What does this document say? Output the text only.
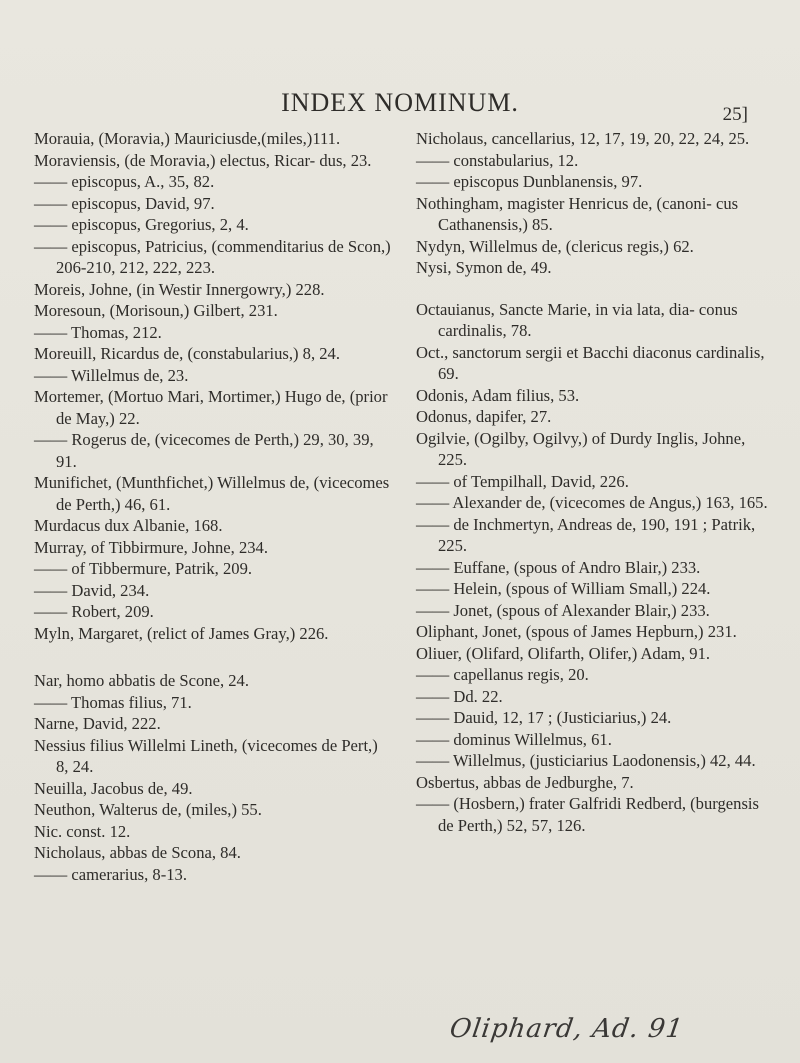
INDEX NOMINUM.	25]

Morauia, (Moravia,) Mauriciusde,(miles,)111.

Moraviensis, (de Moravia,) electus, Ricar- dus, 23.

—— episcopus, A., 35, 82.

—— episcopus, David, 97.

—— episcopus, Gregorius, 2, 4.

—— episcopus, Patricius, (commenditarius de Scon,) 206-210, 212, 222, 223.

Moreis, Johne, (in Westir Innergowry,) 228.

Moresoun, (Morisoun,) Gilbert, 231.

—— Thomas, 212.

Moreuill, Ricardus de, (constabularius,) 8, 24.

—— Willelmus de, 23.

Mortemer, (Mortuo Mari, Mortimer,) Hugo de, (prior de May,) 22.

—— Rogerus de, (vicecomes de Perth,) 29, 30, 39, 91.

Munifichet, (Munthfichet,) Willelmus de, (vicecomes de Perth,) 46, 61.

Murdacus dux Albanie, 168.

Murray, of Tibbirmure, Johne, 234.

—— of Tibbermure, Patrik, 209.

—— David, 234.

—— Robert, 209.

Myln, Margaret, (relict of James Gray,) 226.

Nar, homo abbatis de Scone, 24.

—— Thomas filius, 71.

Narne, David, 222.

Nessius filius Willelmi Lineth, (vicecomes de Pert,) 8, 24.

Neuilla, Jacobus de, 49.

Neuthon, Walterus de, (miles,) 55.

Nic. const. 12.

Nicholaus, abbas de Scona, 84.

—— camerarius, 8-13.

Nicholaus, cancellarius, 12, 17, 19, 20, 22, 24, 25.

—— constabularius, 12.

—— episcopus Dunblanensis, 97.

Nothingham, magister Henricus de, (canoni- cus Cathanensis,) 85.

Nydyn, Willelmus de, (clericus regis,) 62.

Nysi, Symon de, 49.

Octauianus, Sancte Marie, in via lata, dia- conus cardinalis, 78.

Oct., sanctorum sergii et Bacchi diaconus cardinalis, 69.

Odonis, Adam filius, 53.

Odonus, dapifer, 27.

Ogilvie, (Ogilby, Ogilvy,) of Durdy Inglis, Johne, 225.

—— of Tempilhall, David, 226.

—— Alexander de, (vicecomes de Angus,) 163, 165.

—— de Inchmertyn, Andreas de, 190, 191 ; Patrik, 225.

—— Euffane, (spous of Andro Blair,) 233.

—— Helein, (spous of William Small,) 224.

—— Jonet, (spous of Alexander Blair,) 233.

Oliphant, Jonet, (spous of James Hepburn,) 231.

Oliuer, (Olifard, Olifarth, Olifer,) Adam, 91.

—— capellanus regis, 20.

—— Dd. 22.

—— Dauid, 12, 17 ; (Justiciarius,) 24.

—— dominus Willelmus, 61.

—— Willelmus, (justiciarius Laodonensis,) 42, 44.

Osbertus, abbas de Jedburghe, 7.

—— (Hosbern,) frater Galfridi Redberd, (burgensis de Perth,) 52, 57, 126.

Oliphard, Ad. 91
